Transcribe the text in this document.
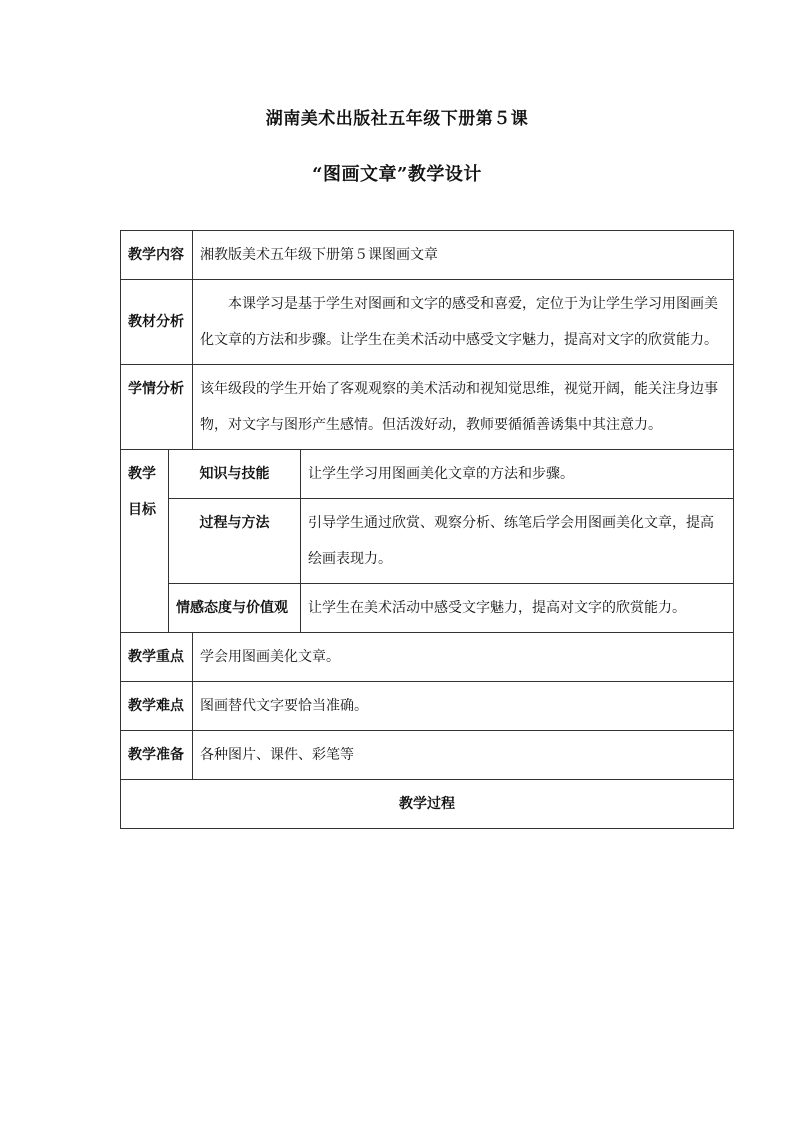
湖南美术出版社五年级下册第５课
“图画文章”教学设计
教学内容		湘教版美术五年级下册第５课图画文章	
教材分析		本课学习是基于学生对图画和文字的感受和喜爱，定位于为让学生学习用图画美化文章的方法和步骤。让学生在美术活动中感受文字魅力，提高对文字的欣赏能力。	
学情分析		该年级段的学生开始了客观观察的美术活动和视知觉思维，视觉开阔，能关注身边事物，对文字与图形产生感情。但活泼好动，教师要循循善诱集中其注意力。	
教学目标	知识与技能		让学生学习用图画美化文章的方法和步骤。
	过程与方法		引导学生通过欣赏、观察分析、练笔后学会用图画美化文章，提高绘画表现力。
	情感态度与价值观		让学生在美术活动中感受文字魅力，提高对文字的欣赏能力。
教学重点		学会用图画美化文章。	
教学难点		图画替代文字要恰当准确。	
教学准备		各种图片、课件、彩笔等	
教学过程			
